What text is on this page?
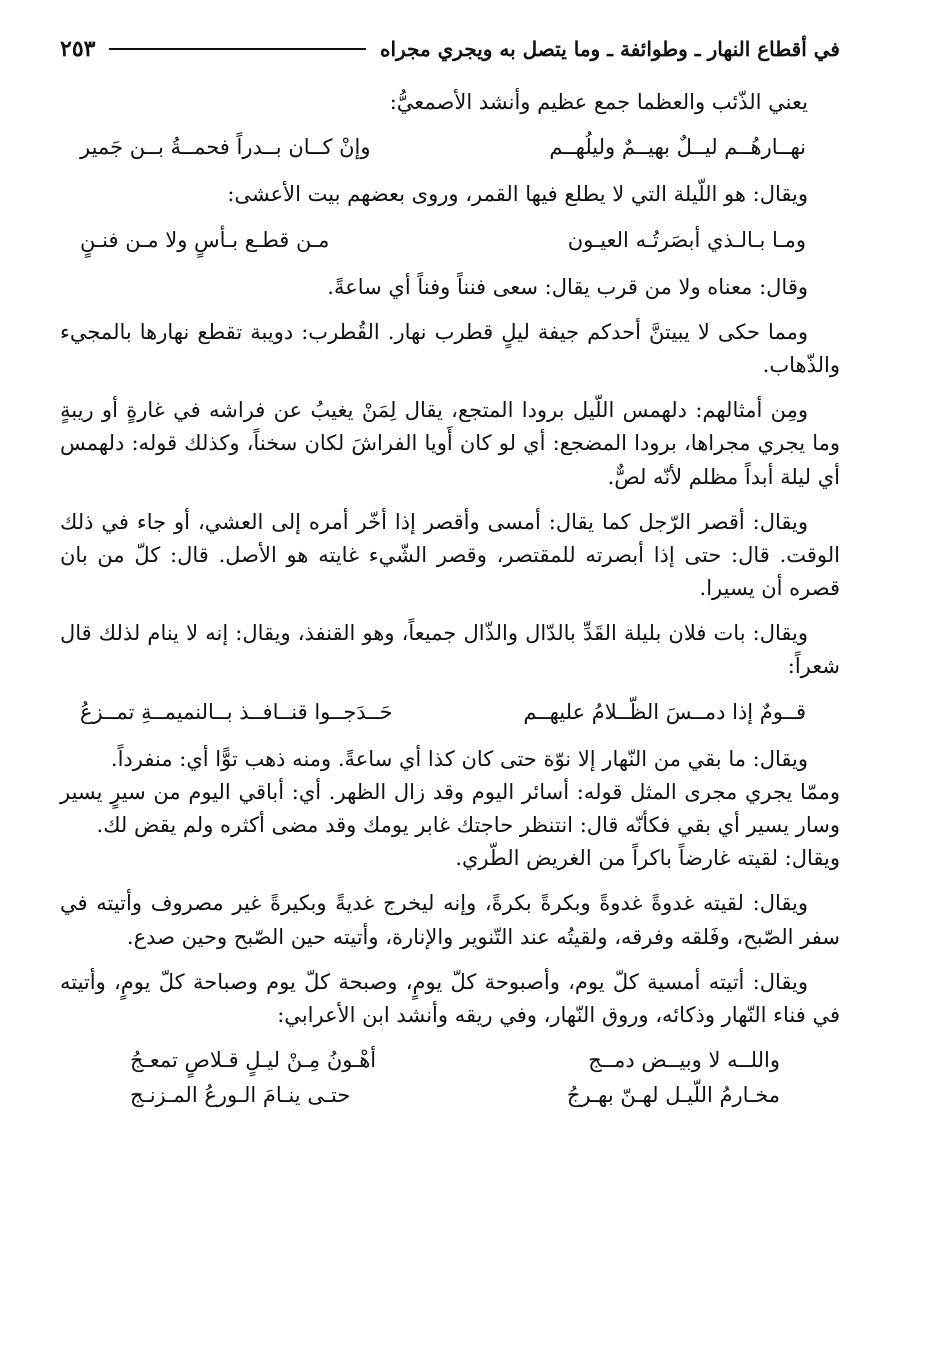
في أقطاع النهار ـ وطوائفة ـ وما يتصل به ويجري مجراه
٢٥٣

يعني الذّئب والعظما جمع عظيم وأنشد الأصمعيُّ:

نهــارهُــم ليــلٌ بهيــمٌ وليلُهــم
وإنْ كــان بــدراً فحمــةُ بــن جَمير

ويقال: هو اللّيلة التي لا يطلع فيها القمر، وروى بعضهم بيت الأعشى:

ومـا بـالـذي أبصَرتُـه العيـون
مـن قطـع بـأسٍ ولا مـن فنـنٍ

وقال: معناه ولا من قرب يقال: سعى فنناً وفناً أي ساعةً.

ومما حكى لا يبيتنَّ أحدكم جيفة ليلٍ قطرب نهار. القُطرب: دويبة تقطع نهارها بالمجيء والذّهاب.

ومِن أمثالهم: دلهمس اللّيل برودا المتجع، يقال لِمَنْ يغيبُ عن فراشه في غارةٍ أو ريبةٍ وما يجري مجراها، برودا المضجع: أي لو كان أَويا الفراشَ لكان سخناً، وكذلك قوله: دلهمس أي ليلة أبداً مظلم لأنّه لصٌّ.

ويقال: أقصر الرّجل كما يقال: أمسى وأقصر إذا أخّر أمره إلى العشي، أو جاء في ذلك الوقت. قال: حتى إذا أبصرته للمقتصر، وقصر الشّيء غايته هو الأصل. قال: كلّ من بان قصره أن يسيرا.

ويقال: بات فلان بليلة القَدِّ بالدّال والذّال جميعاً، وهو القنفذ، ويقال: إنه لا ينام لذلك قال شعراً:

قــومٌ إذا دمــسَ الظّــلامُ عليهــم
حَــدَجــوا قنــافــذ بــالنميمــةِ تمــزعُ

ويقال: ما بقي من النّهار إلا نوّة حتى كان كذا أي ساعةً. ومنه ذهب توًّا أي: منفرداً.

وممّا يجري مجرى المثل قوله: أسائر اليوم وقد زال الظهر. أي: أباقي اليوم من سيرٍ يسير وسار يسير أي بقي فكأنّه قال: انتنظر حاجتك غابر يومك وقد مضى أكثره ولم يقض لك.

ويقال: لقيته غارضاً باكراً من الغريض الطّري.

ويقال: لقيته غدوةً غدوةً وبكرةً بكرةً، وإنه ليخرج غديةً وبكيرةً غير مصروف وأتيته في سفر الصّبح، وفَلقه وفرقه، ولقيتُه عند التّنوير والإنارة، وأتيته حين الصّبح وحين صدع.

ويقال: أتيته أمسية كلّ يوم، وأصبوحة كلّ يومٍ، وصبحة كلّ يوم وصباحة كلّ يومٍ، وأتيته في فناء النّهار وذكائه، وروق النّهار، وفي ريقه وأنشد ابن الأعرابي:

واللــه لا وبيــض دمــج
أهْـونُ مِـنْ ليـلٍ قـلاصٍ تمعـجُ
مخـارمُ اللّيـل لهـنّ بهـرجُ
حتـى ينـامَ الـورعُ المـزنـج
